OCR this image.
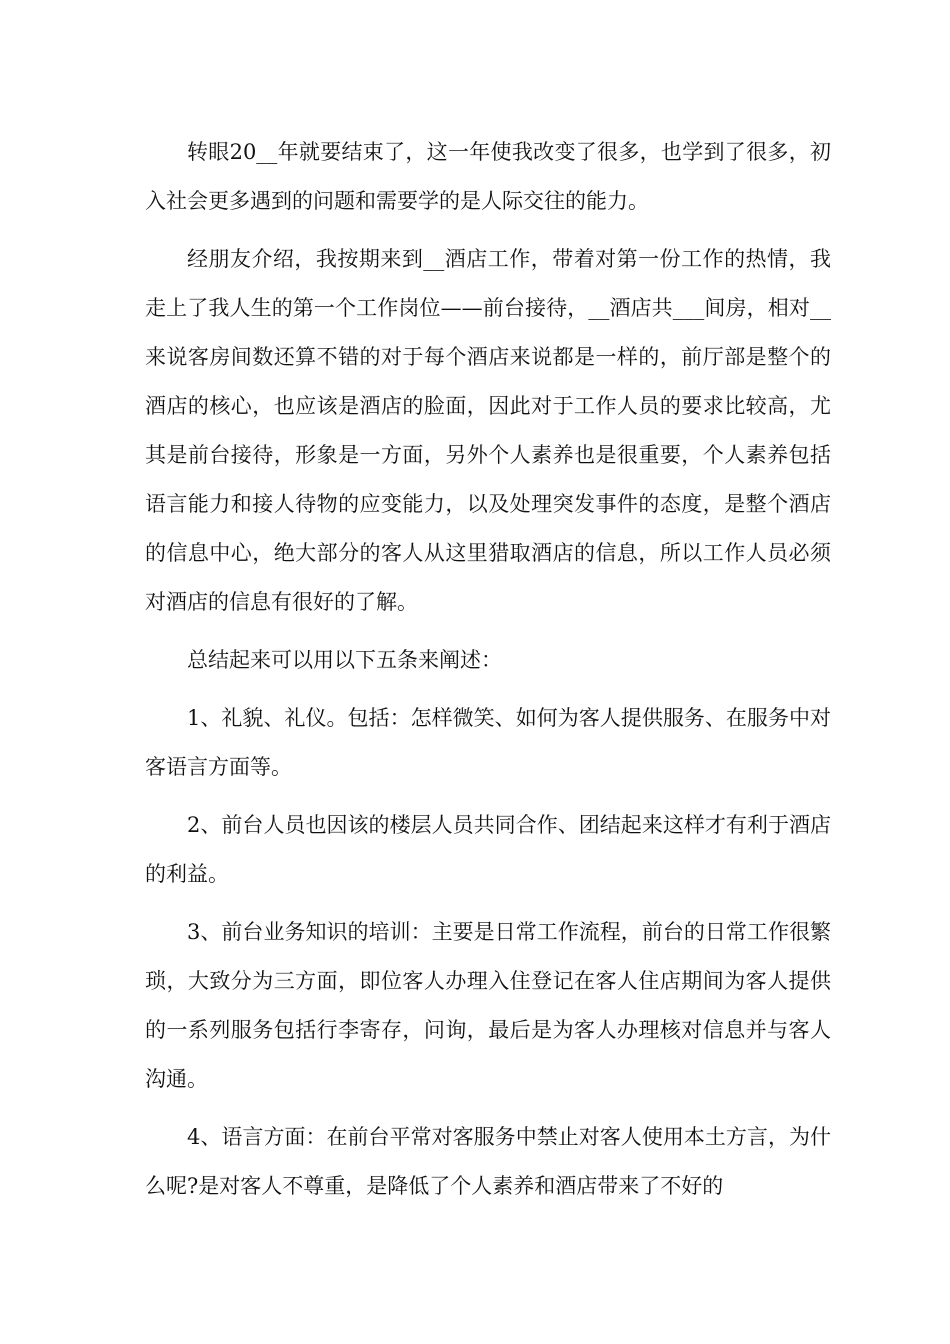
转眼20__年就要结束了，这一年使我改变了很多，也学到了很多，初入社会更多遇到的问题和需要学的是人际交往的能力。

经朋友介绍，我按期来到__酒店工作，带着对第一份工作的热情，我走上了我人生的第一个工作岗位——前台接待，__酒店共___间房，相对__来说客房间数还算不错的对于每个酒店来说都是一样的，前厅部是整个的酒店的核心，也应该是酒店的脸面，因此对于工作人员的要求比较高，尤其是前台接待，形象是一方面，另外个人素养也是很重要，个人素养包括语言能力和接人待物的应变能力，以及处理突发事件的态度，是整个酒店的信息中心，绝大部分的客人从这里猎取酒店的信息，所以工作人员必须对酒店的信息有很好的了解。

总结起来可以用以下五条来阐述：

1、礼貌、礼仪。包括：怎样微笑、如何为客人提供服务、在服务中对客语言方面等。

2、前台人员也因该的楼层人员共同合作、团结起来这样才有利于酒店的利益。

3、前台业务知识的培训：主要是日常工作流程，前台的日常工作很繁琐，大致分为三方面，即位客人办理入住登记在客人住店期间为客人提供的一系列服务包括行李寄存，问询，最后是为客人办理核对信息并与客人沟通。

4、语言方面：在前台平常对客服务中禁止对客人使用本土方言，为什么呢?是对客人不尊重，是降低了个人素养和酒店带来了不好的
